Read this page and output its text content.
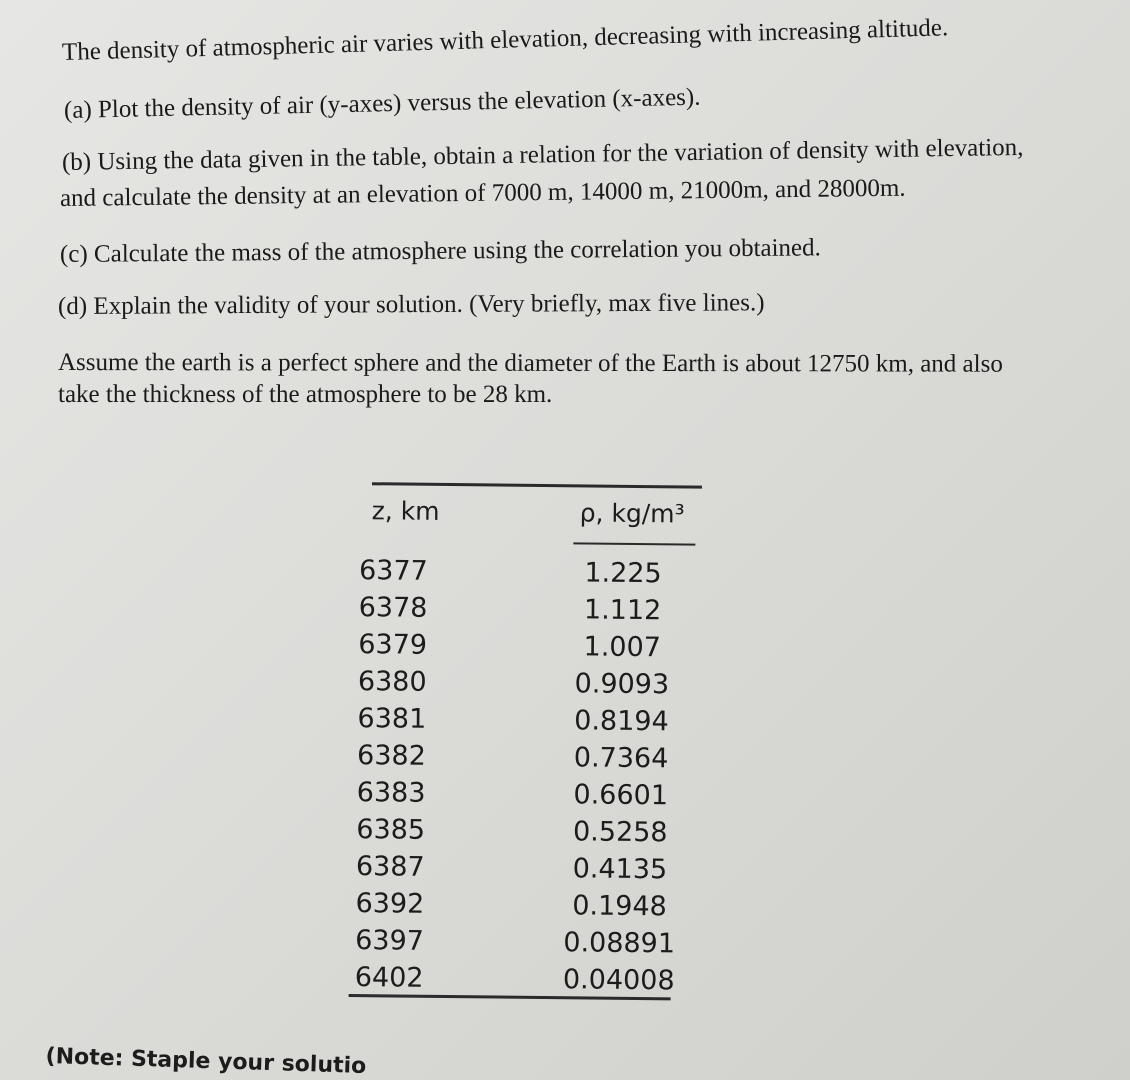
The density of atmospheric air varies with elevation, decreasing with increasing altitude.
(a) Plot the density of air (y-axes) versus the elevation (x-axes).
(b) Using the data given in the table, obtain a relation for the variation of density with elevation,
and calculate the density at an elevation of 7000 m, 14000 m, 21000m, and 28000m.
(c) Calculate the mass of the atmosphere using the correlation you obtained.
(d) Explain the validity of your solution. (Very briefly, max five lines.)
Assume the earth is a perfect sphere and the diameter of the Earth is about 12750 km, and also
take the thickness of the atmosphere to be 28 km.
z, km	ρ, kg/m³
6377
6378
6379
6380
6381
6382
6383
6385
6387
6392
6397
6402
1.225
1.112
1.007
0.9093
0.8194
0.7364
0.6601
0.5258
0.4135
0.1948
0.08891
0.04008
(Note: Staple your solutio
